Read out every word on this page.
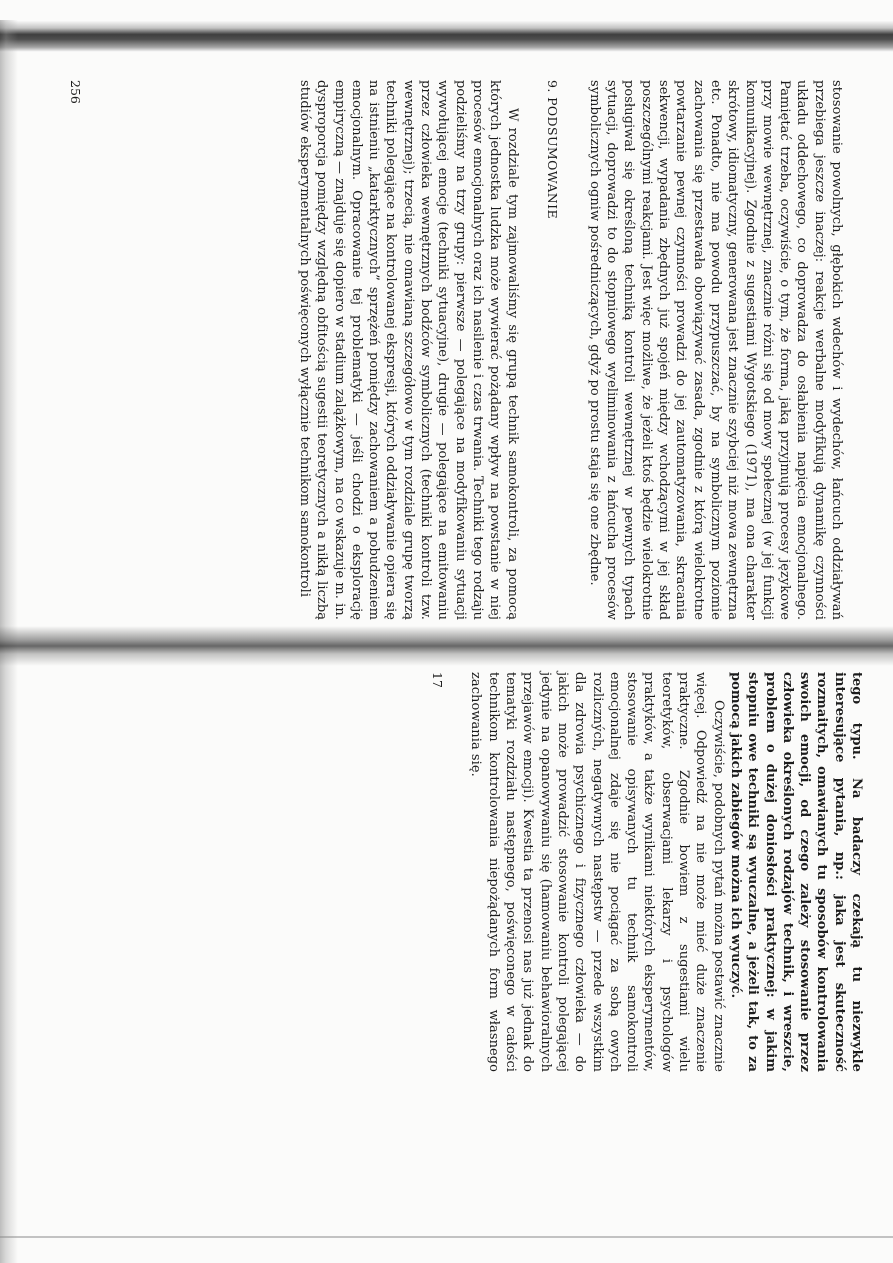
stosowanie powolnych, głębokich wdechów i wydechów, łańcuch oddziaływań przebiega jeszcze inaczej: reakcje werbalne modyfikują dynamikę czynności układu oddechowego, co doprowadza do osłabienia napięcia emocjonalnego. Pamiętać trzeba, oczywiście, o tym, że forma, jaką przyjmują procesy językowe przy mowie wewnętrznej, znacznie różni się od mowy społecznej (w jej funkcji komunikacyjnej). Zgodnie z sugestiami Wygotskiego (1971), ma ona charakter skrótowy, idiomatyczny, generowana jest znacznie szybciej niż mowa zewnętrzna etc. Ponadto, nie ma powodu przypuszczać, by na symbolicznym poziomie zachowania się przestawała obowiązywać zasada, zgodnie z którą wielokrotne powtarzanie pewnej czynności prowadzi do jej zautomatyzowania, skracania sekwencji, wypadania zbędnych już spojeń między wchodzącymi w jej skład poszczególnymi reakcjami. Jest więc możliwe, że jeżeli ktoś będzie wielokrotnie posługiwał się określoną techniką kontroli wewnętrznej w pewnych typach sytuacji, doprowadzi to do stopniowego wyeliminowania z łańcucha procesów symbolicznych ogniw pośredniczących, gdyż po prostu staja się one zbędne.

9. PODSUMOWANIE

W rozdziale tym zajmowaliśmy się grupą technik samokontroli, za pomocą których jednostka ludzka może wywierać pożądany wpływ na powstanie w niej procesów emocjonalnych oraz ich nasilenie i czas trwania. Techniki tego rodzaju podzieliśmy na trzy grupy: pierwsze — polegające na modyfikowaniu sytuacji wywołującej emocje (techniki sytuacyjne), drugie — polegające na emitowaniu przez człowieka wewnętrznych bodźców symbolicznych (techniki kontroli tzw. wewnętrznej); trzecią, nie omawianą szczegółowo w tym rozdziale grupę tworzą techniki polegające na kontrolowanej ekspresji, których oddziaływanie opiera się na istnieniu „katarktycznych” sprzężeń pomiędzy zachowaniem a pobudzeniem emocjonalnym. Opracowanie tej problematyki — jeśli chodzi o eksplorację empiryczną — znajduje się dopiero w stadium zalążkowym, na co wskazuje m. in. dysproporcja pomiędzy względną obfitością sugestii teoretycznych a nikłą liczbą studiów eksperymentalnych poświęconych wyłącznie technikom samokontroli

256

tego typu. Na badaczy czekają tu niezwykle interesujące pytania, np.: jaka jest skuteczność rozmaitych, omawianych tu sposobów kontrolowania swoich emocji, od czego zależy stosowanie przez człowieka określonych rodzajów technik, i wreszcie, problem o dużej doniosłości praktycznej: w jakim stopniu owe techniki są wyuczalne, a jeżeli tak, to za pomocą jakich zabiegów można ich wyuczyć.

Oczywiście, podobnych pytań można postawić znacznie więcej. Odpowiedź na nie może mieć duże znaczenie praktyczne. Zgodnie bowiem z sugestiami wielu teoretyków, obserwacjami lekarzy i psychologów praktyków, a także wynikami niektórych eksperymentów, stosowanie opisywanych tu technik samokontroli emocjonalnej zdaje się nie pociągać za sobą owych rozliczných, negatywnych następstw — przede wszystkim dla zdrowia psychicznego i fizycznego człowieka — do jakich może prowadzić stosowanie kontroli polegającej jedynie na opanowywaniu się (hamowaniu behawioralnych przejawów emocji). Kwestia ta przenosi nas już jednak do tematyki rozdziału następnego, poświęconego w całości technikom kontrolowania niepożądanych form własnego zachowania się.

17
